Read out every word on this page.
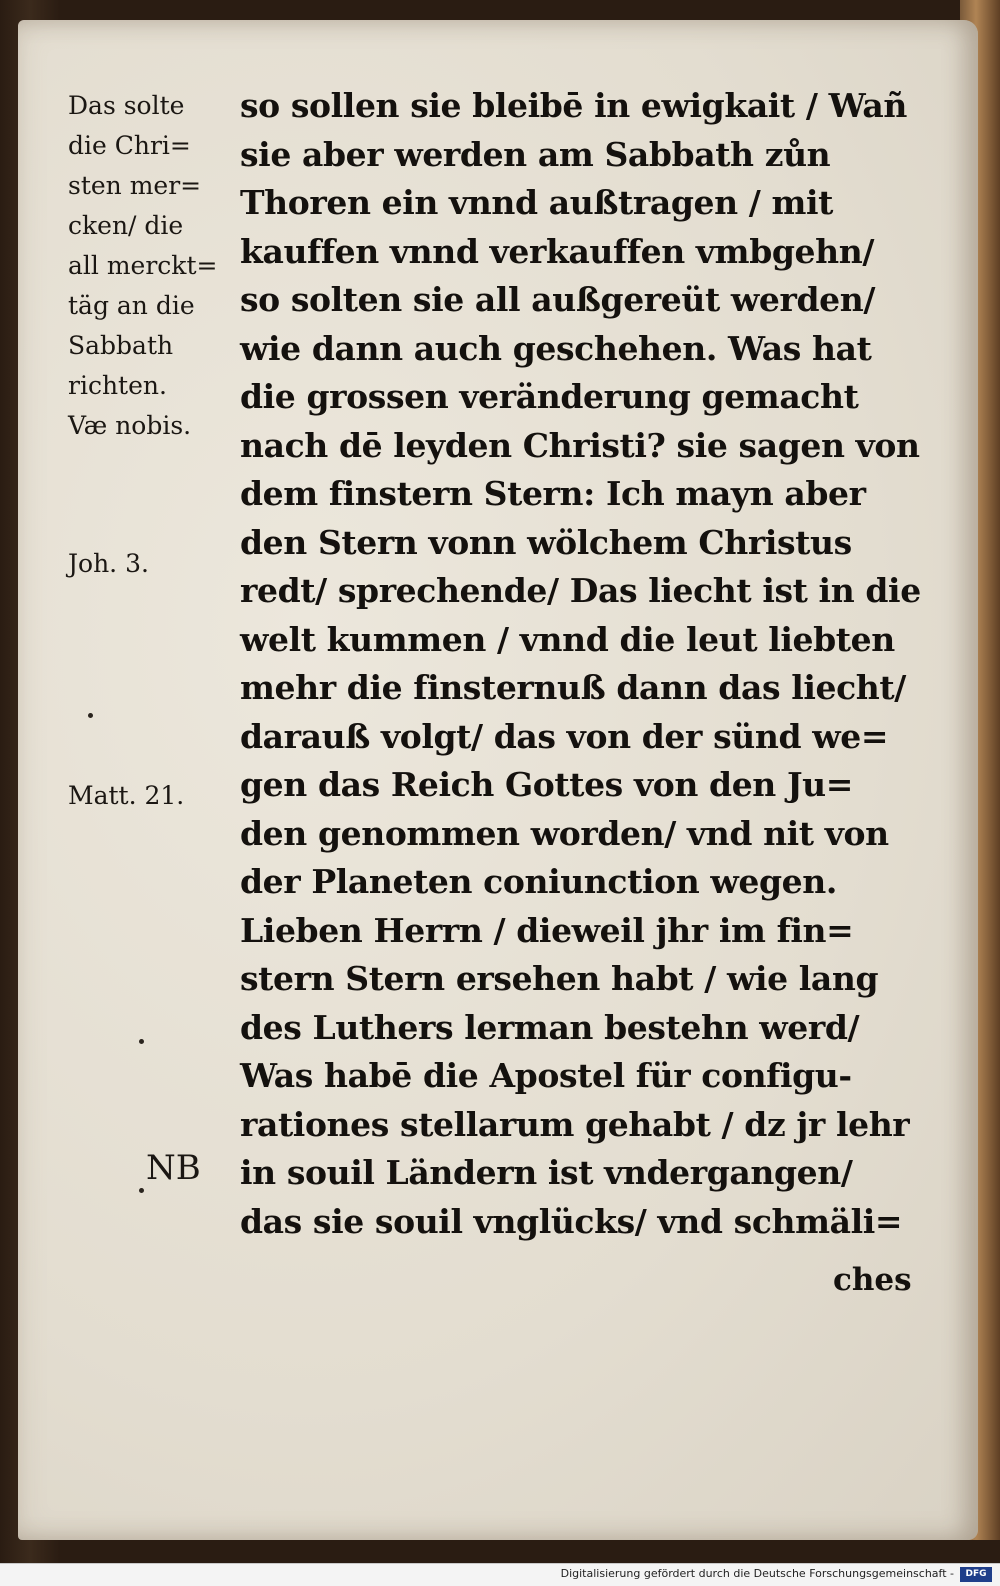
Das solte

die Chri=

sten mer=

cken/ die

all merckt=

täg an die

Sabbath

richten.

Væ nobis.

Joh. 3.

Matt. 21.

NB

so sollen sie bleibē in ewigkait / Wañ

sie aber werden am Sabbath zůn

Thoren ein vnnd außtragen / mit

kauffen vnnd verkauffen vmbgehn/

so solten sie all außgereüt werden/

wie dann auch geschehen. Was hat

die grossen veränderung gemacht

nach dē leyden Christi? sie sagen von

dem finstern Stern: Ich mayn aber

den Stern vonn wölchem Christus

redt/ sprechende/ Das liecht ist in die

welt kummen / vnnd die leut liebten

mehr die finsternuß dann das liecht/

darauß volgt/ das von der sünd we=

gen das Reich Gottes von den Ju=

den genommen worden/ vnd nit von

der Planeten coniunction wegen.

Lieben Herrn / dieweil jhr im fin=

stern Stern ersehen habt / wie lang

des Luthers lerman bestehn werd/

Was habē die Apostel für configu-

rationes stellarum gehabt / dz jr lehr

in souil Ländern ist vndergangen/

das sie souil vnglücks/ vnd schmäli=

ches
Digitalisierung gefördert durch die Deutsche Forschungsgemeinschaft -	DFG
